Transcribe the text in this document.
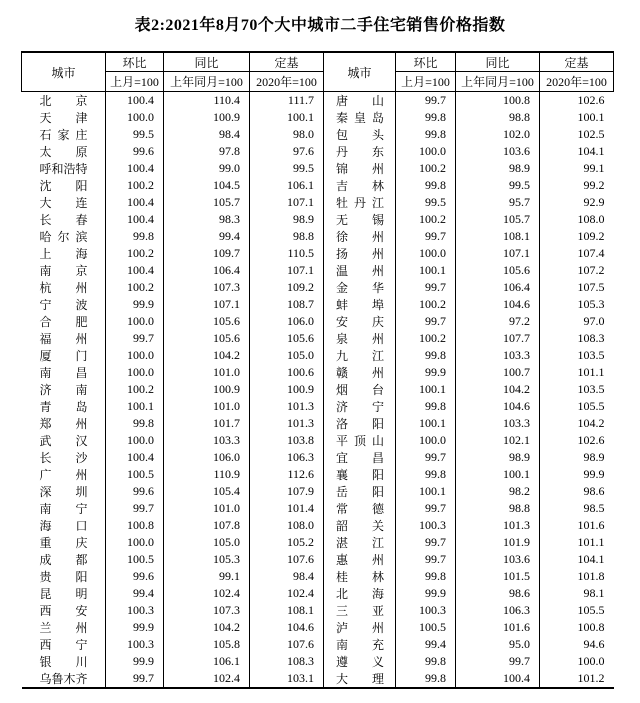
表2:2021年8月70个大中城市二手住宅销售价格指数
城市	环比	同比	定基	城市	环比	同比	定基
	上月=100	上年同月=100	2020年=100		上月=100	上年同月=100	2020年=100
北京	100.4	110.4	111.7	唐山	99.7	100.8	102.6
天津	100.0	100.9	100.1	秦皇岛	99.8	98.8	100.1
石家庄	99.5	98.4	98.0	包头	99.8	102.0	102.5
太原	99.6	97.8	97.6	丹东	100.0	103.6	104.1
呼和浩特	100.4	99.0	99.5	锦州	100.2	98.9	99.1
沈阳	100.2	104.5	106.1	吉林	99.8	99.5	99.2
大连	100.4	105.7	107.1	牡丹江	99.5	95.7	92.9
长春	100.4	98.3	98.9	无锡	100.2	105.7	108.0
哈尔滨	99.8	99.4	98.8	徐州	99.7	108.1	109.2
上海	100.2	109.7	110.5	扬州	100.0	107.1	107.4
南京	100.4	106.4	107.1	温州	100.1	105.6	107.2
杭州	100.2	107.3	109.2	金华	99.7	106.4	107.5
宁波	99.9	107.1	108.7	蚌埠	100.2	104.6	105.3
合肥	100.0	105.6	106.0	安庆	99.7	97.2	97.0
福州	99.7	105.6	105.6	泉州	100.2	107.7	108.3
厦门	100.0	104.2	105.0	九江	99.8	103.3	103.5
南昌	100.0	101.0	100.6	赣州	99.9	100.7	101.1
济南	100.2	100.9	100.9	烟台	100.1	104.2	103.5
青岛	100.1	101.0	101.3	济宁	99.8	104.6	105.5
郑州	99.8	101.7	101.3	洛阳	100.1	103.3	104.2
武汉	100.0	103.3	103.8	平顶山	100.0	102.1	102.6
长沙	100.4	106.0	106.3	宜昌	99.7	98.9	98.9
广州	100.5	110.9	112.6	襄阳	99.8	100.1	99.9
深圳	99.6	105.4	107.9	岳阳	100.1	98.2	98.6
南宁	99.7	101.0	101.4	常德	99.7	98.8	98.5
海口	100.8	107.8	108.0	韶关	100.3	101.3	101.6
重庆	100.0	105.0	105.2	湛江	99.7	101.9	101.1
成都	100.5	105.3	107.6	惠州	99.7	103.6	104.1
贵阳	99.6	99.1	98.4	桂林	99.8	101.5	101.8
昆明	99.4	102.4	102.4	北海	99.9	98.6	98.1
西安	100.3	107.3	108.1	三亚	100.3	106.3	105.5
兰州	99.9	104.2	104.6	泸州	100.5	101.6	100.8
西宁	100.3	105.8	107.6	南充	99.4	95.0	94.6
银川	99.9	106.1	108.3	遵义	99.8	99.7	100.0
乌鲁木齐	99.7	102.4	103.1	大理	99.8	100.4	101.2
